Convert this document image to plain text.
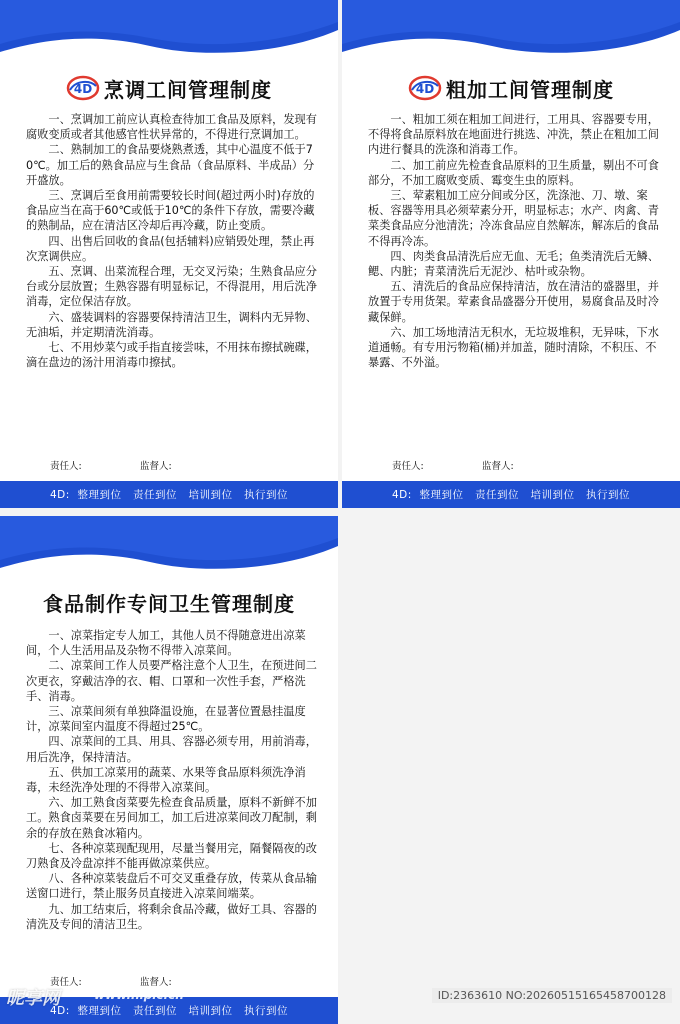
4D 烹调工间管理制度

一、烹调加工前应认真检查待加工食品及原料，发现有腐败变质或者其他感官性状异常的，不得进行烹调加工。

二、熟制加工的食品要烧熟煮透，其中心温度不低于70℃。加工后的熟食品应与生食品（食品原料、半成品）分开盛放。

三、烹调后至食用前需要较长时间(超过两小时)存放的食品应当在高于60℃或低于10℃的条件下存放，需要冷藏的熟制品，应在清洁区冷却后再冷藏，防止变质。

四、出售后回收的食品(包括辅料)应销毁处理，禁止再次烹调供应。

五、烹调、出菜流程合理，无交叉污染；生熟食品应分台或分层放置；生熟容器有明显标记，不得混用，用后洗净消毒，定位保洁存放。

六、盛装调料的容器要保持清洁卫生，调料内无异物、无油垢，并定期清洗消毒。

七、不用炒菜勺或手指直接尝味，不用抹布擦拭碗碟，滴在盘边的汤汁用消毒巾擦拭。

责任人:	监督人:
4D:  整理到位   责任到位   培训到位   执行到位
4D 粗加工间管理制度

一、粗加工须在粗加工间进行，工用具、容器要专用，不得将食品原料放在地面进行挑选、冲洗，禁止在粗加工间内进行餐具的洗涤和消毒工作。

二、加工前应先检查食品原料的卫生质量，剔出不可食部分，不加工腐败变质、霉变生虫的原料。

三、荤素粗加工应分间或分区，洗涤池、刀、墩、案板、容器等用具必须荤素分开，明显标志；水产、肉禽、青菜类食品应分池清洗；冷冻食品应自然解冻，解冻后的食品不得再冷冻。

四、肉类食品清洗后应无血、无毛；鱼类清洗后无鳞、鳃、内脏；青菜清洗后无泥沙、枯叶或杂物。

五、清洗后的食品应保持清洁，放在清洁的盛器里，并放置于专用货架。荤素食品盛器分开使用，易腐食品及时冷藏保鲜。

六、加工场地清洁无积水，无垃圾堆积，无异味，下水道通畅。有专用污物箱(桶)并加盖，随时清除，不积压、不暴露、不外溢。

责任人:	监督人:
4D:  整理到位   责任到位   培训到位   执行到位
食品制作专间卫生管理制度

一、凉菜指定专人加工，其他人员不得随意进出凉菜间，个人生活用品及杂物不得带入凉菜间。

二、凉菜间工作人员要严格注意个人卫生，在预进间二次更衣，穿戴洁净的衣、帽、口罩和一次性手套，严格洗手、消毒。

三、凉菜间须有单独降温设施，在显著位置悬挂温度计，凉菜间室内温度不得超过25℃。

四、凉菜间的工具、用具、容器必须专用，用前消毒，用后洗净，保持清洁。

五、供加工凉菜用的蔬菜、水果等食品原料须洗净消毒，未经洗净处理的不得带入凉菜间。

六、加工熟食卤菜要先检查食品质量，原料不新鲜不加工。熟食卤菜要在另间加工，加工后进凉菜间改刀配制，剩余的存放在熟食冰箱内。

七、各种凉菜现配现用，尽量当餐用完，隔餐隔夜的改刀熟食及冷盘凉拌不能再做凉菜供应。

八、各种凉菜装盘后不可交叉重叠存放，传菜从食品输送窗口进行，禁止服务员直接进入凉菜间端菜。

九、加工结束后，将剩余食品冷藏，做好工具、容器的清洗及专间的清洁卫生。

责任人:	监督人:
4D:  整理到位   责任到位   培训到位   执行到位
昵享网	www.nipic.cn	ID:2363610 NO:20260515165458700128
